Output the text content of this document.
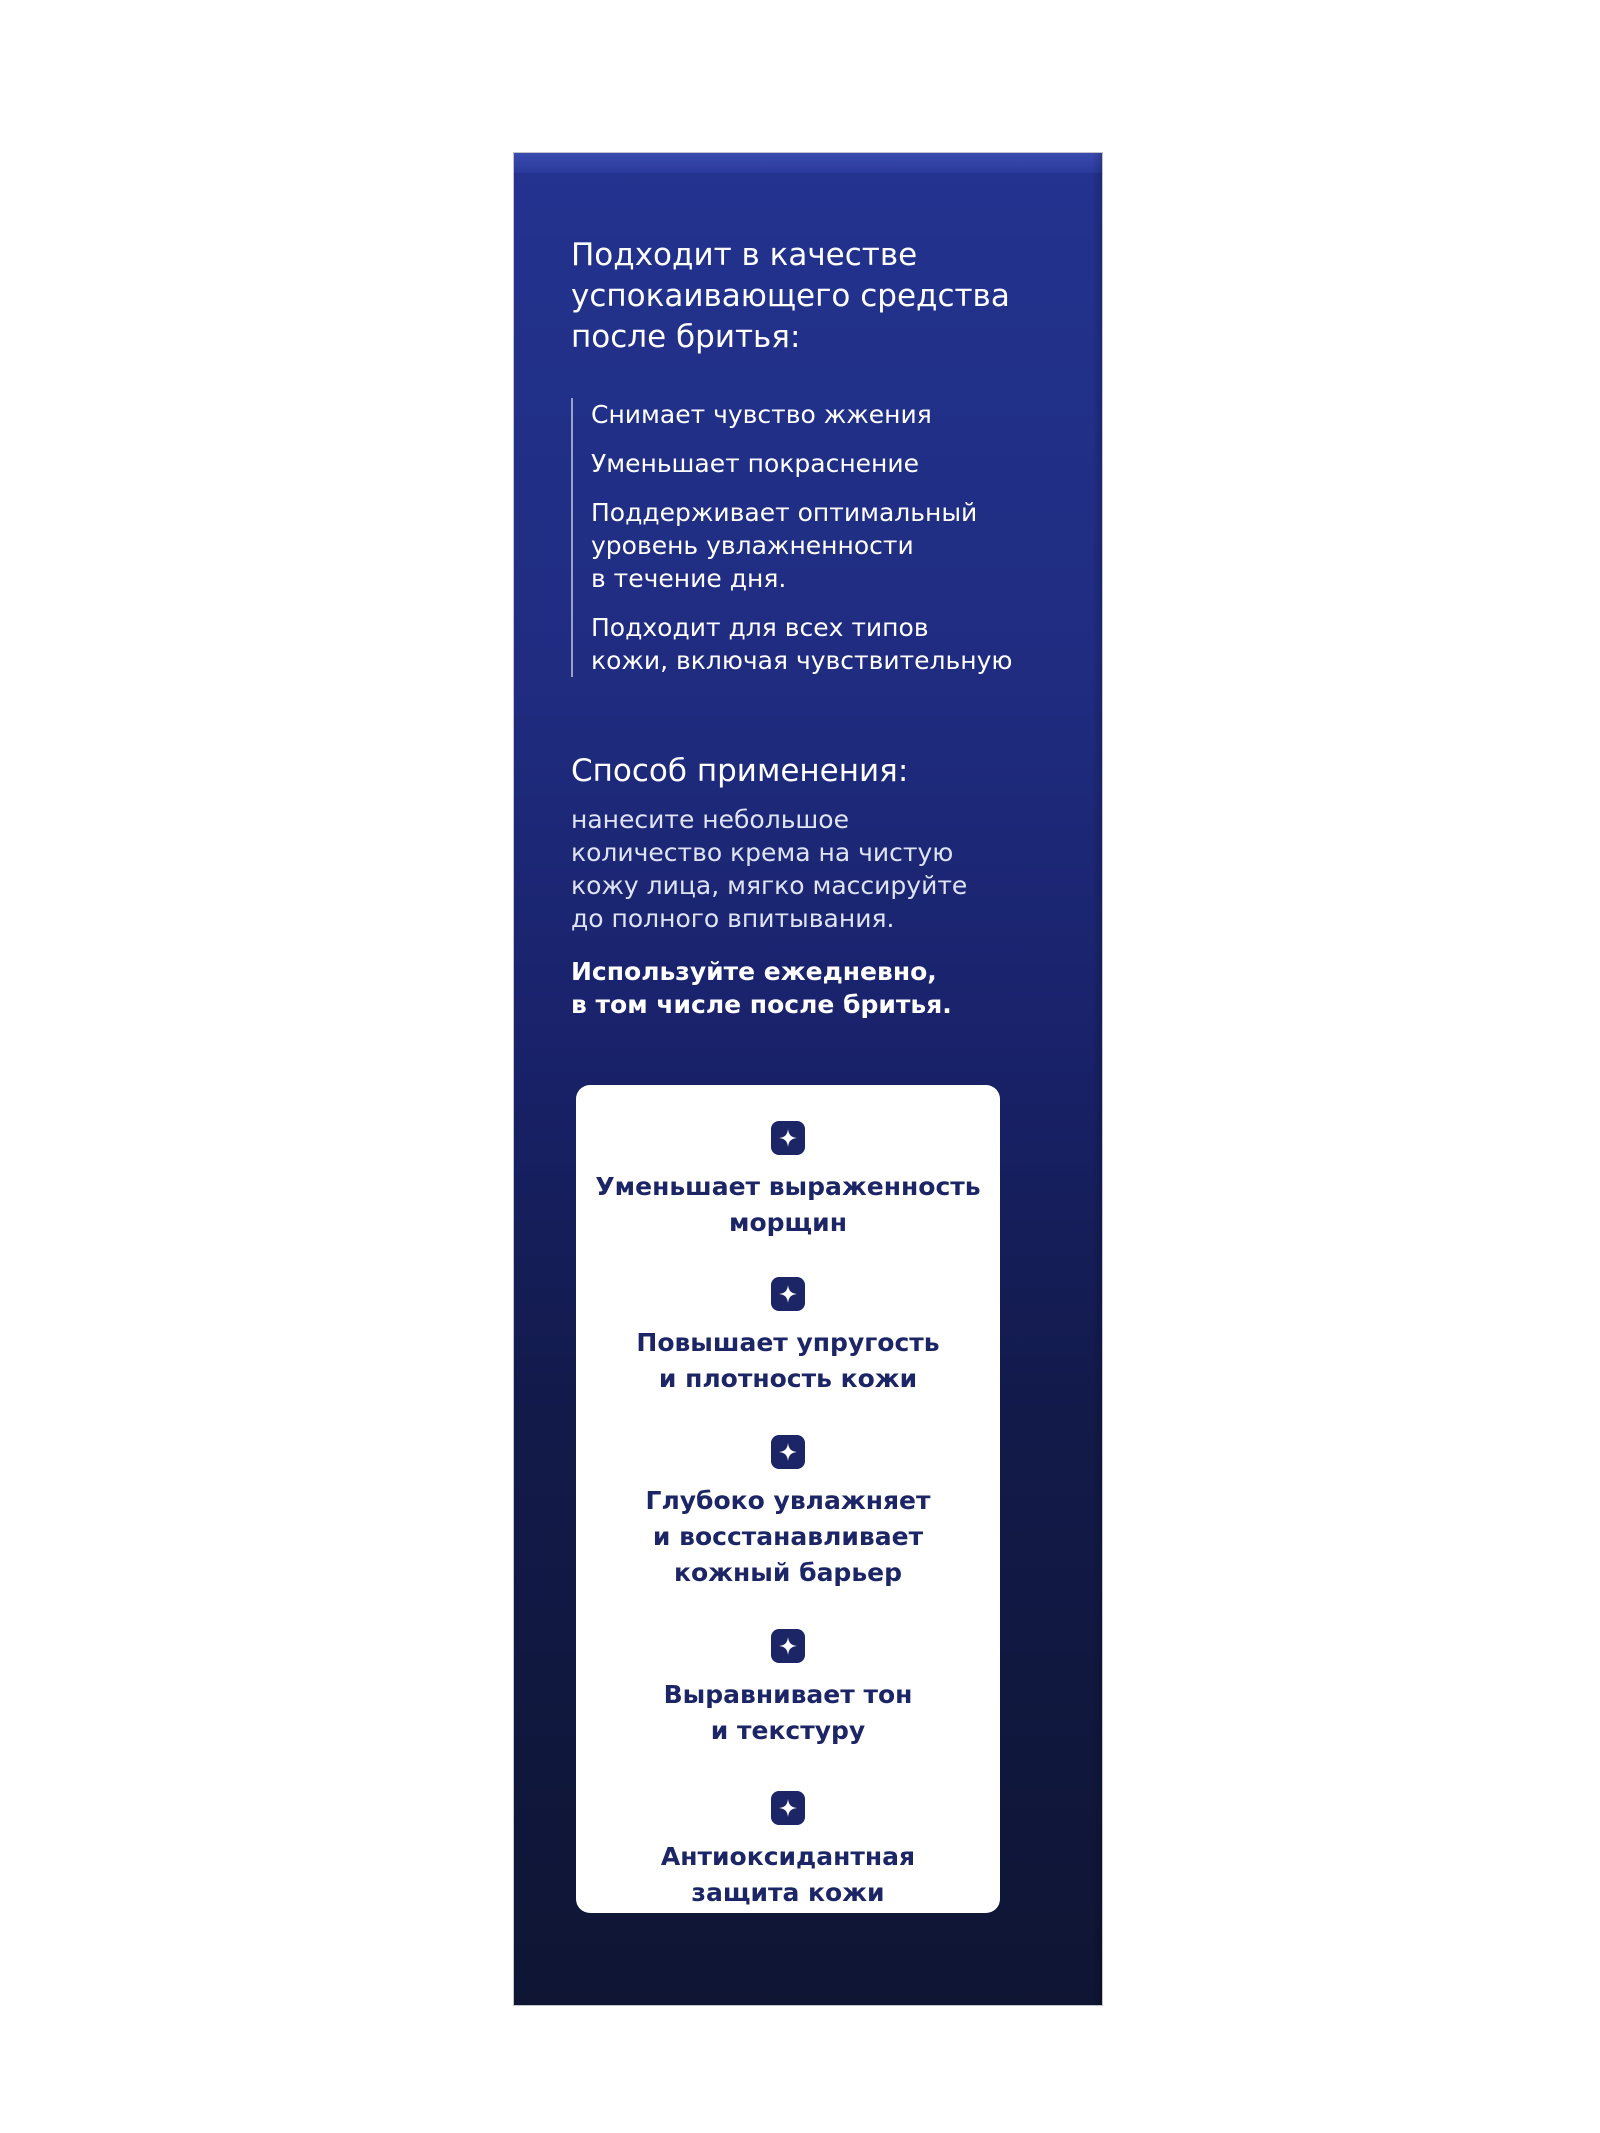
Подходит в качестве
успокаивающего средства
после бритья:
Снимает чувство жжения
Уменьшает покраснение
Поддерживает оптимальный
уровень увлажненности
в течение дня.
Подходит для всех типов
кожи, включая чувствительную
Способ применения:

нанесите небольшое
количество крема на чистую
кожу лица, мягко массируйте
до полного впитывания.

Используйте ежедневно,
в том числе после бритья.

Уменьшает выраженность
морщин

Повышает упругость
и плотность кожи

Глубоко увлажняет
и восстанавливает
кожный барьер

Выравнивает тон
и текстуру

Антиоксидантная
защита кожи
